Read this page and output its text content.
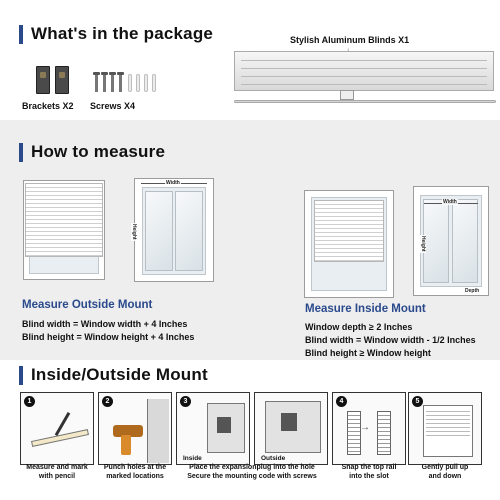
What's in the package
Brackets X2 Screws X4
Stylish Aluminum Blinds X1
How to measure
Width
Height
Measure Outside Mount
Blind width = Window width + 4 Inches
Blind height = Window height + 4 Inches
Width
Height
Depth
Measure Inside Mount
Window depth ≥ 2 Inches
Blind width = Window width - 1/2 Inches
Blind height ≥ Window height
Inside/Outside Mount
1
Measure and mark
with pencil
2
Punch holes at the
marked locations
3
Inside	Outside
Place the expansionplug into the hole
Secure the mounting code with screws
4
→
Snap the top rail
into the slot
5
Gently pull up
and down
